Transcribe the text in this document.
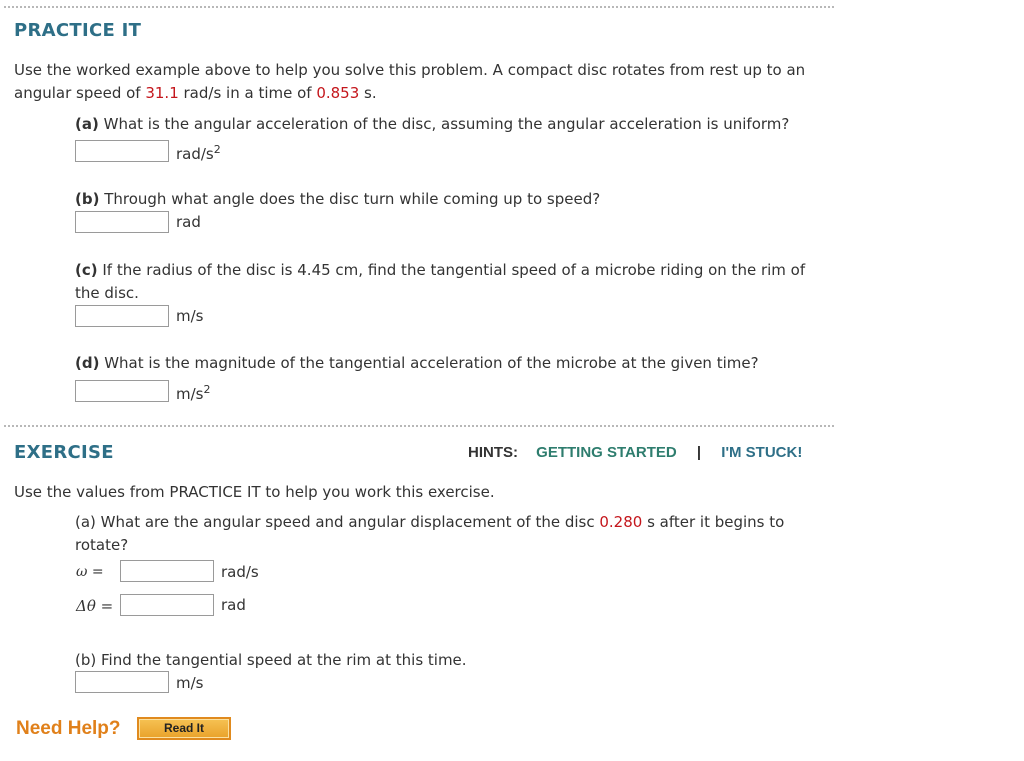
PRACTICE IT
Use the worked example above to help you solve this problem. A compact disc rotates from rest up to an
angular speed of 31.1 rad/s in a time of 0.853 s.
(a) What is the angular acceleration of the disc, assuming the angular acceleration is uniform?
rad/$s^2$
(b) Through what angle does the disc turn while coming up to speed?
rad
(c) If the radius of the disc is 4.45 cm, find the tangential speed of a microbe riding on the rim of
the disc.
m/s
(d) What is the magnitude of the tangential acceleration of the microbe at the given time?
$m/s^2$
EXERCISE	HINTS: GETTING STARTED | I'M STUCK!
Use the values from PRACTICE IT to help you work this exercise.
(a) What are the angular speed and angular displacement of the disc 0.280 s after it begins to
rotate?
ω =	rad/s
Δθ =	rad
(b) Find the tangential speed at the rim at this time.
m/s
Need Help?	Read It
